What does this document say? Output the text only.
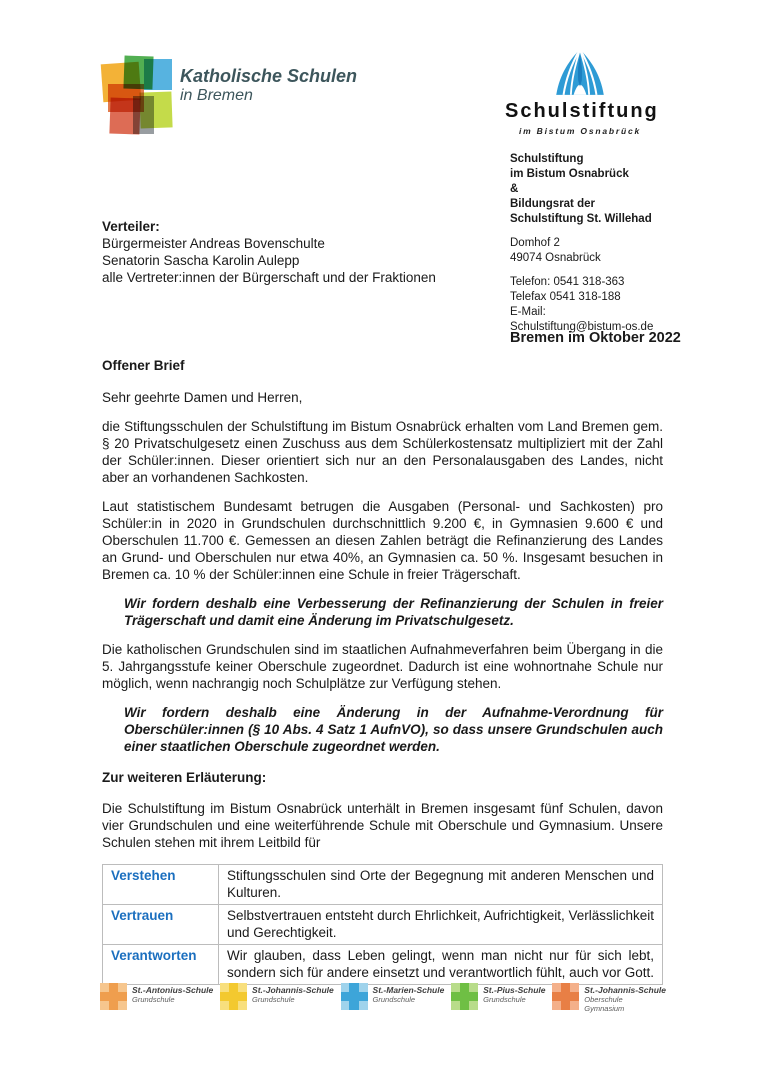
Katholische Schulen
in Bremen
Schulstiftung
im Bistum Osnabrück
Schulstiftung
im Bistum Osnabrück
&
Bildungsrat der
Schulstiftung St. Willehad
Domhof 2
49074 Osnabrück
Telefon: 0541 318-363
Telefax 0541 318-188
E-Mail:
Schulstiftung@bistum-os.de
Bremen im Oktober 2022
Verteiler:
Bürgermeister Andreas Bovenschulte
Senatorin Sascha Karolin Aulepp
alle Vertreter:innen der Bürgerschaft und der Fraktionen
Offener Brief
Sehr geehrte Damen und Herren,

die Stiftungsschulen der Schulstiftung im Bistum Osnabrück erhalten vom Land Bremen gem. § 20 Privatschulgesetz einen Zuschuss aus dem Schülerkostensatz multipliziert mit der Zahl der Schüler:innen. Dieser orientiert sich nur an den Personalausgaben des Landes, nicht aber an vorhandenen Sachkosten.

Laut statistischem Bundesamt betrugen die Ausgaben (Personal- und Sachkosten) pro Schüler:in in 2020 in Grundschulen durchschnittlich 9.200 €, in Gymnasien 9.600 € und Oberschulen 11.700 €. Gemessen an diesen Zahlen beträgt die Refinanzierung des Landes an Grund- und Oberschulen nur etwa 40%, an Gymnasien ca. 50 %. Insgesamt besuchen in Bremen ca. 10 % der Schüler:innen eine Schule in freier Trägerschaft.

Wir fordern deshalb eine Verbesserung der Refinanzierung der Schulen in freier Trägerschaft und damit eine Änderung im Privatschulgesetz.

Die katholischen Grundschulen sind im staatlichen Aufnahmeverfahren beim Übergang in die 5. Jahrgangsstufe keiner Oberschule zugeordnet. Dadurch ist eine wohnortnahe Schule nur möglich, wenn nachrangig noch Schulplätze zur Verfügung stehen.

Wir fordern deshalb eine Änderung in der Aufnahme-Verordnung für Oberschüler:innen (§ 10 Abs. 4 Satz 1 AufnVO), so dass unsere Grundschulen auch einer staatlichen Oberschule zugeordnet werden.

Zur weiteren Erläuterung:

Die Schulstiftung im Bistum Osnabrück unterhält in Bremen insgesamt fünf Schulen, davon vier Grundschulen und eine weiterführende Schule mit Oberschule und Gymnasium. Unsere Schulen stehen mit ihrem Leitbild für

Verstehen	Stiftungsschulen sind Orte der Begegnung mit anderen Menschen und Kulturen.
Vertrauen	Selbstvertrauen entsteht durch Ehrlichkeit, Aufrichtigkeit, Verlässlichkeit und Gerechtigkeit.
Verantworten	Wir glauben, dass Leben gelingt, wenn man nicht nur für sich lebt, sondern sich für andere einsetzt und verantwortlich fühlt, auch vor Gott.
St.-Antonius-Schule
Grundschule
St.-Johannis-Schule
Grundschule
St.-Marien-Schule
Grundschule
St.-Pius-Schule
Grundschule
St.-Johannis-Schule
Oberschule
Gymnasium
